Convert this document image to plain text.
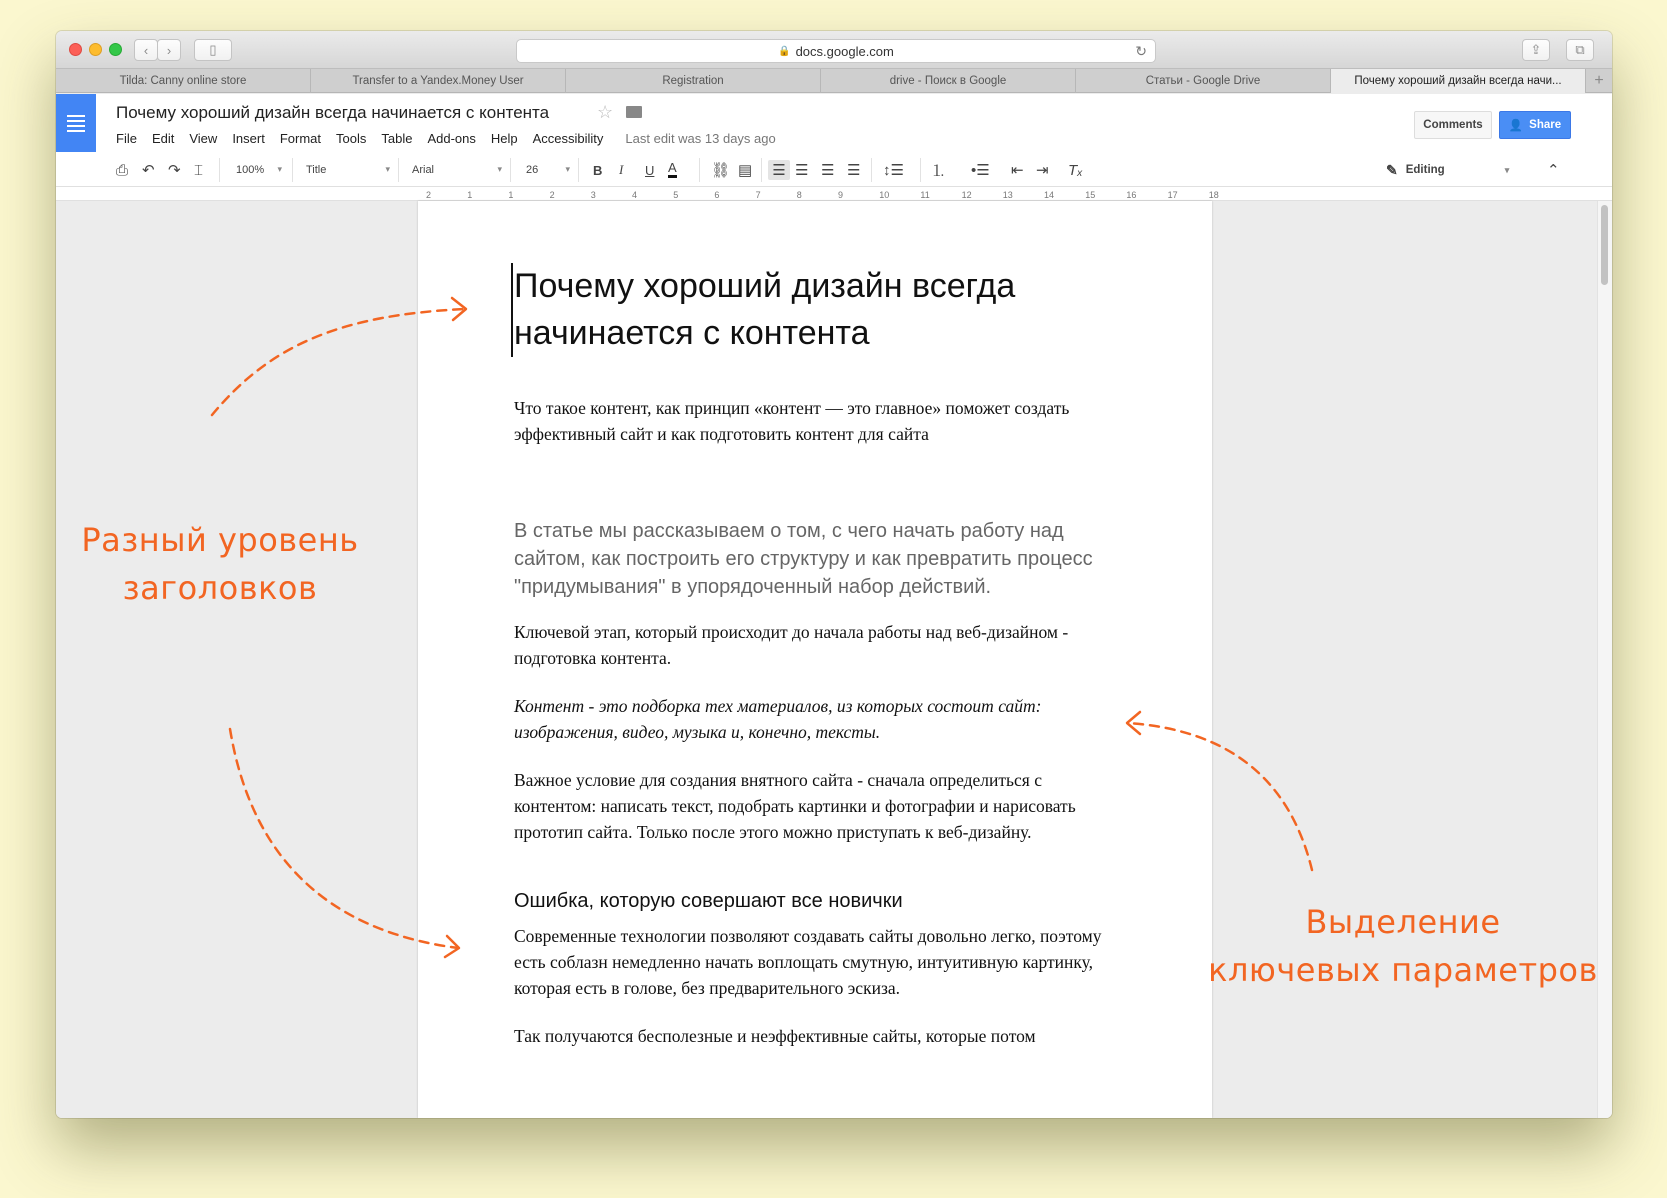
‹ ›	▯	🔒 docs.google.com	↻	⇪	⧉
Tilda: Canny online store	Transfer to a Yandex.Money User	Registration	drive - Поиск в Google	Статьи - Google Drive	Почему хороший дизайн всегда начи...	+
Почему хороший дизайн всегда начинается с контента	☆
File Edit View Insert Format Tools Table Add-ons Help Accessibility Last edit was 13 days ago
Comments	👤 Share
⎙ ↶ ↷ ⌶	100%
▾	Title
▾	Arial
▾	26
▾	B I U A ⛓ ▤ ☰ ☰ ☰ ☰ ↕☰ ⒈ •☰ ⇤ ⇥ Tₓ	✎ Editing	▾	⌃
2	1	1	2	3	4	5	6	7	8	9	10	11	12	13	14	15	16	17	18
Почему хороший дизайн всегда
начинается с контента

Что такое контент, как принцип «контент — это главное» поможет создать эффективный сайт и как подготовить контент для сайта

В статье мы рассказываем о том, с чего начать работу над сайтом, как построить его структуру и как превратить процесс "придумывания" в упорядоченный набор действий.

Ключевой этап, который происходит до начала работы над веб-дизайном - подготовка контента.

Контент - это подборка тех материалов, из которых состоит сайт: изображения, видео, музыка и, конечно, тексты.

Важное условие для создания внятного сайта - сначала определиться с контентом: написать текст, подобрать картинки и фотографии и нарисовать прототип сайта. Только после этого можно приступать к веб-дизайну.

Ошибка, которую совершают все новички

Современные технологии позволяют создавать сайты довольно легко, поэтому есть соблазн немедленно начать воплощать смутную, интуитивную картинку, которая есть в голове, без предварительного эскиза.

Так получаются бесполезные и неэффективные сайты, которые потом

Разный уровень
заголовков
Выделение
ключевых параметров
